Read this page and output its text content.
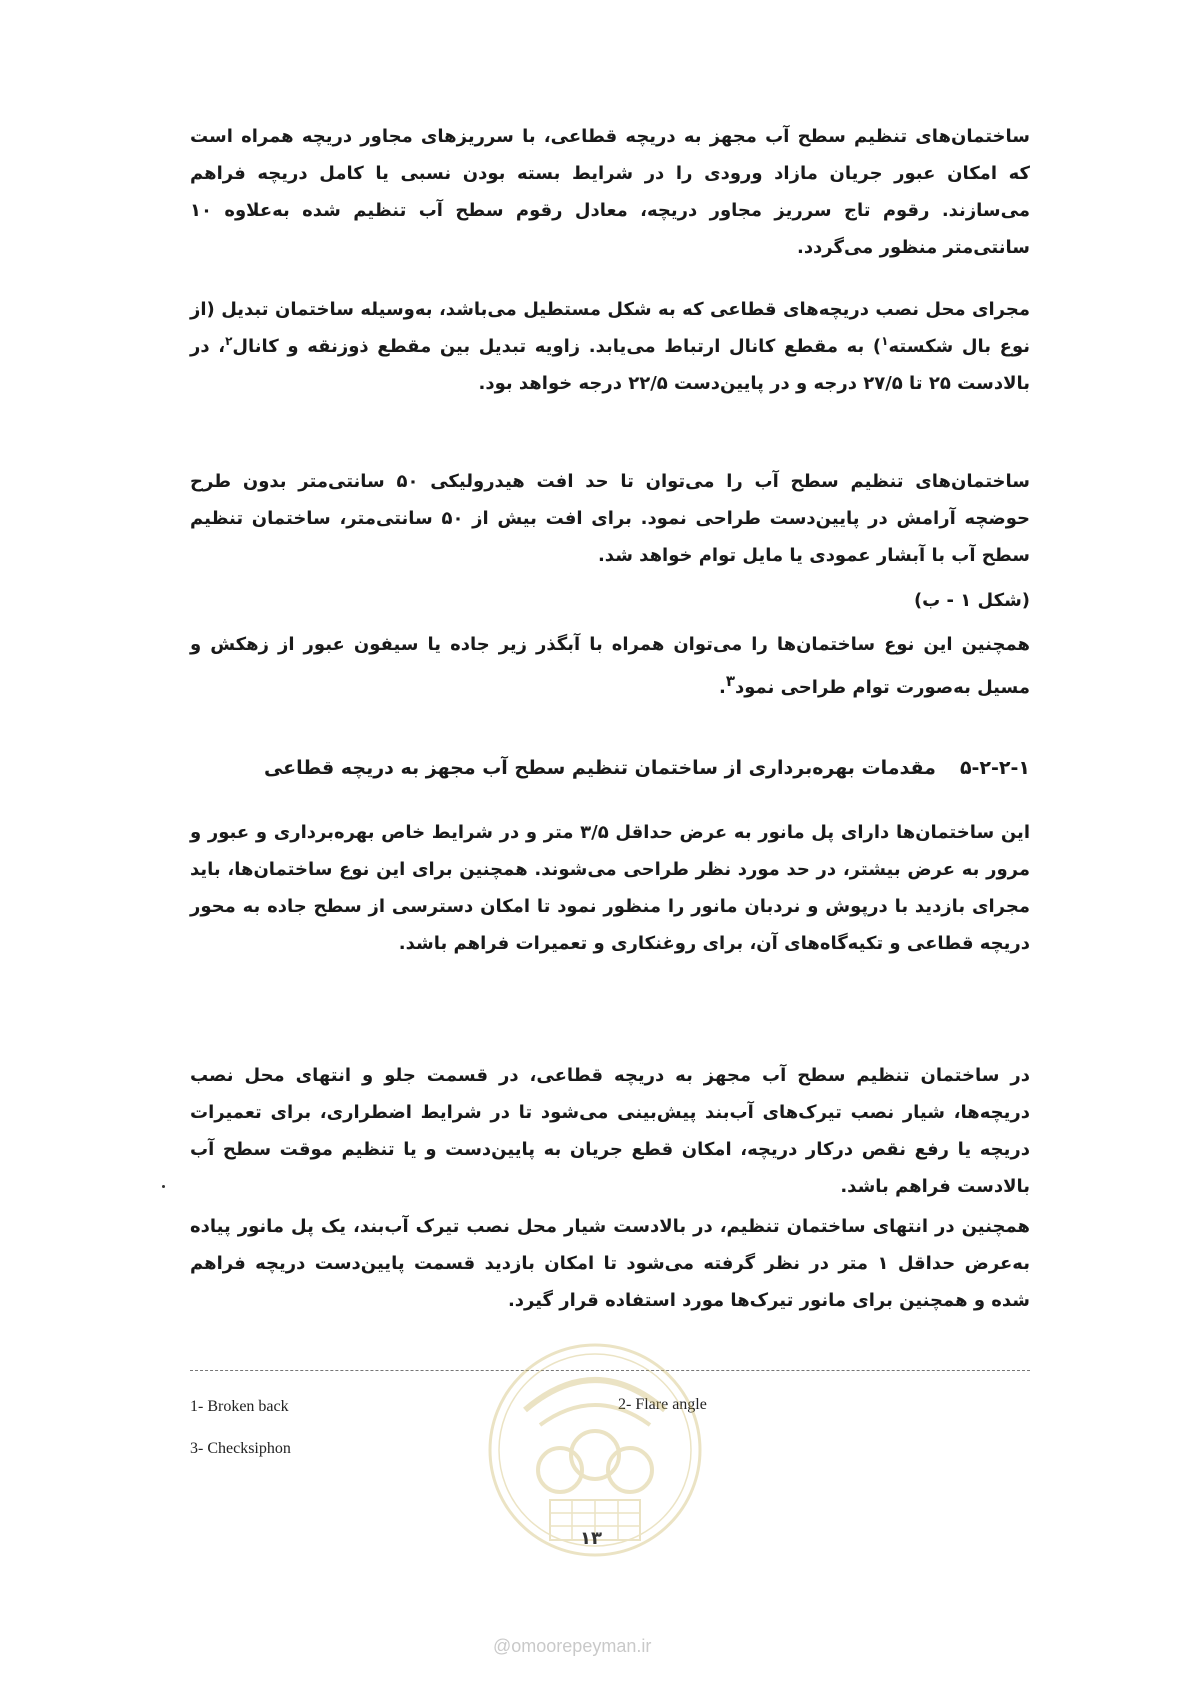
ساختمان‌های تنظیم سطح آب مجهز به دریچه قطاعی، با سرریزهای مجاور دریچه همراه است که امکان عبور جریان مازاد ورودی را در شرایط بسته بودن نسبی یا کامل دریچه فراهم می‌سازند. رقوم تاج سرریز مجاور دریچه، معادل رقوم سطح آب تنظیم شده به‌علاوه ۱۰ سانتی‌متر منظور می‌گردد.

مجرای محل نصب دریچه‌های قطاعی که به شکل مستطیل می‌باشد، به‌وسیله ساختمان تبدیل (از نوع بال شکسته$^۱$) به مقطع کانال ارتباط می‌یابد. زاویه تبدیل بین مقطع ذوزنقه و کانال$^۲$، در بالادست ۲۵ تا ۲۷/۵ درجه و در پایین‌دست ۲۲/۵ درجه خواهد بود.

ساختمان‌های تنظیم سطح آب را می‌توان تا حد افت هیدرولیکی ۵۰ سانتی‌متر بدون طرح حوضچه آرامش در پایین‌دست طراحی نمود. برای افت بیش از ۵۰ سانتی‌متر، ساختمان تنظیم سطح آب با آبشار عمودی یا مایل توام خواهد شد.

(شکل ۱ - ب)

همچنین این نوع ساختمان‌ها را می‌توان همراه با آبگذر زیر جاده یا سیفون عبور از زهکش و مسیل به‌صورت توام طراحی نمود$^۳$.

۵-۲-۲-۱مقدمات بهره‌برداری از ساختمان تنظیم سطح آب مجهز به دریچه قطاعی

این ساختمان‌ها دارای پل مانور به عرض حداقل ۳/۵ متر و در شرایط خاص بهره‌برداری و عبور و مرور به عرض بیشتر، در حد مورد نظر طراحی می‌شوند. همچنین برای این نوع ساختمان‌ها، باید مجرای بازدید با درپوش و نردبان مانور را منظور نمود تا امکان دسترسی از سطح جاده به محور دریچه قطاعی و تکیه‌گاه‌های آن، برای روغنکاری و تعمیرات فراهم باشد.

در ساختمان تنظیم سطح آب مجهز به دریچه قطاعی، در قسمت جلو و انتهای محل نصب دریچه‌ها، شیار نصب تیرک‌های آب‌بند پیش‌بینی می‌شود تا در شرایط اضطراری، برای تعمیرات دریچه یا رفع نقص درکار دریچه، امکان قطع جریان به پایین‌دست و یا تنظیم موقت سطح آب بالادست فراهم باشد.

همچنین در انتهای ساختمان تنظیم، در بالادست شیار محل نصب تیرک آب‌بند، یک پل مانور پیاده به‌عرض حداقل ۱ متر در نظر گرفته می‌شود تا امکان بازدید قسمت پایین‌دست دریچه فراهم شده و همچنین برای مانور تیرک‌ها مورد استفاده قرار گیرد.

1- Broken back	2- Flare angle

3- Checksiphon

۱۳
@omoorepeyman.ir
